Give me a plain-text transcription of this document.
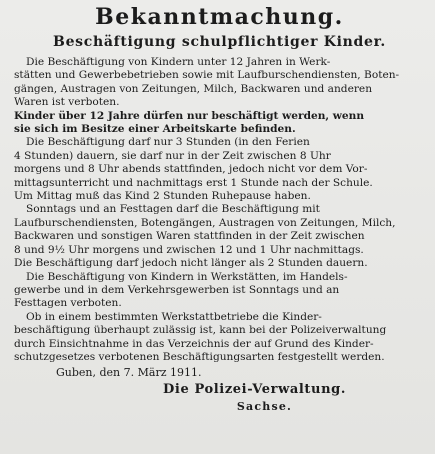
Bekanntmachung.
Beschäftigung schulpflichtiger Kinder.
Die Beschäftigung von Kindern unter 12 Jahren in Werk-
stätten und Gewerbebetrieben sowie mit Laufburschendiensten, Boten-
gängen, Austragen von Zeitungen, Milch, Backwaren und anderen
Waren ist verboten.
Kinder über 12 Jahre dürfen nur beschäftigt werden, wenn
sie sich im Besitze einer Arbeitskarte befinden.
Die Beschäftigung darf nur 3 Stunden (in den Ferien
4 Stunden) dauern, sie darf nur in der Zeit zwischen 8 Uhr
morgens und 8 Uhr abends stattfinden, jedoch nicht vor dem Vor-
mittagsunterricht und nachmittags erst 1 Stunde nach der Schule.
Um Mittag muß das Kind 2 Stunden Ruhepause haben.
Sonntags und an Festtagen darf die Beschäftigung mit
Laufburschendiensten, Botengängen, Austragen von Zeitungen, Milch,
Backwaren und sonstigen Waren stattfinden in der Zeit zwischen
8 und 9½ Uhr morgens und zwischen 12 und 1 Uhr nachmittags.
Die Beschäftigung darf jedoch nicht länger als 2 Stunden dauern.
Die Beschäftigung von Kindern in Werkstätten, im Handels-
gewerbe und in dem Verkehrsgewerben ist Sonntags und an
Festtagen verboten.
Ob in einem bestimmten Werkstattbetriebe die Kinder-
beschäftigung überhaupt zulässig ist, kann bei der Polizeiverwaltung
durch Einsichtnahme in das Verzeichnis der auf Grund des Kinder-
schutzgesetzes verbotenen Beschäftigungsarten festgestellt werden.
Guben, den 7. März 1911.
Die Polizei-Verwaltung.
Sachse.
